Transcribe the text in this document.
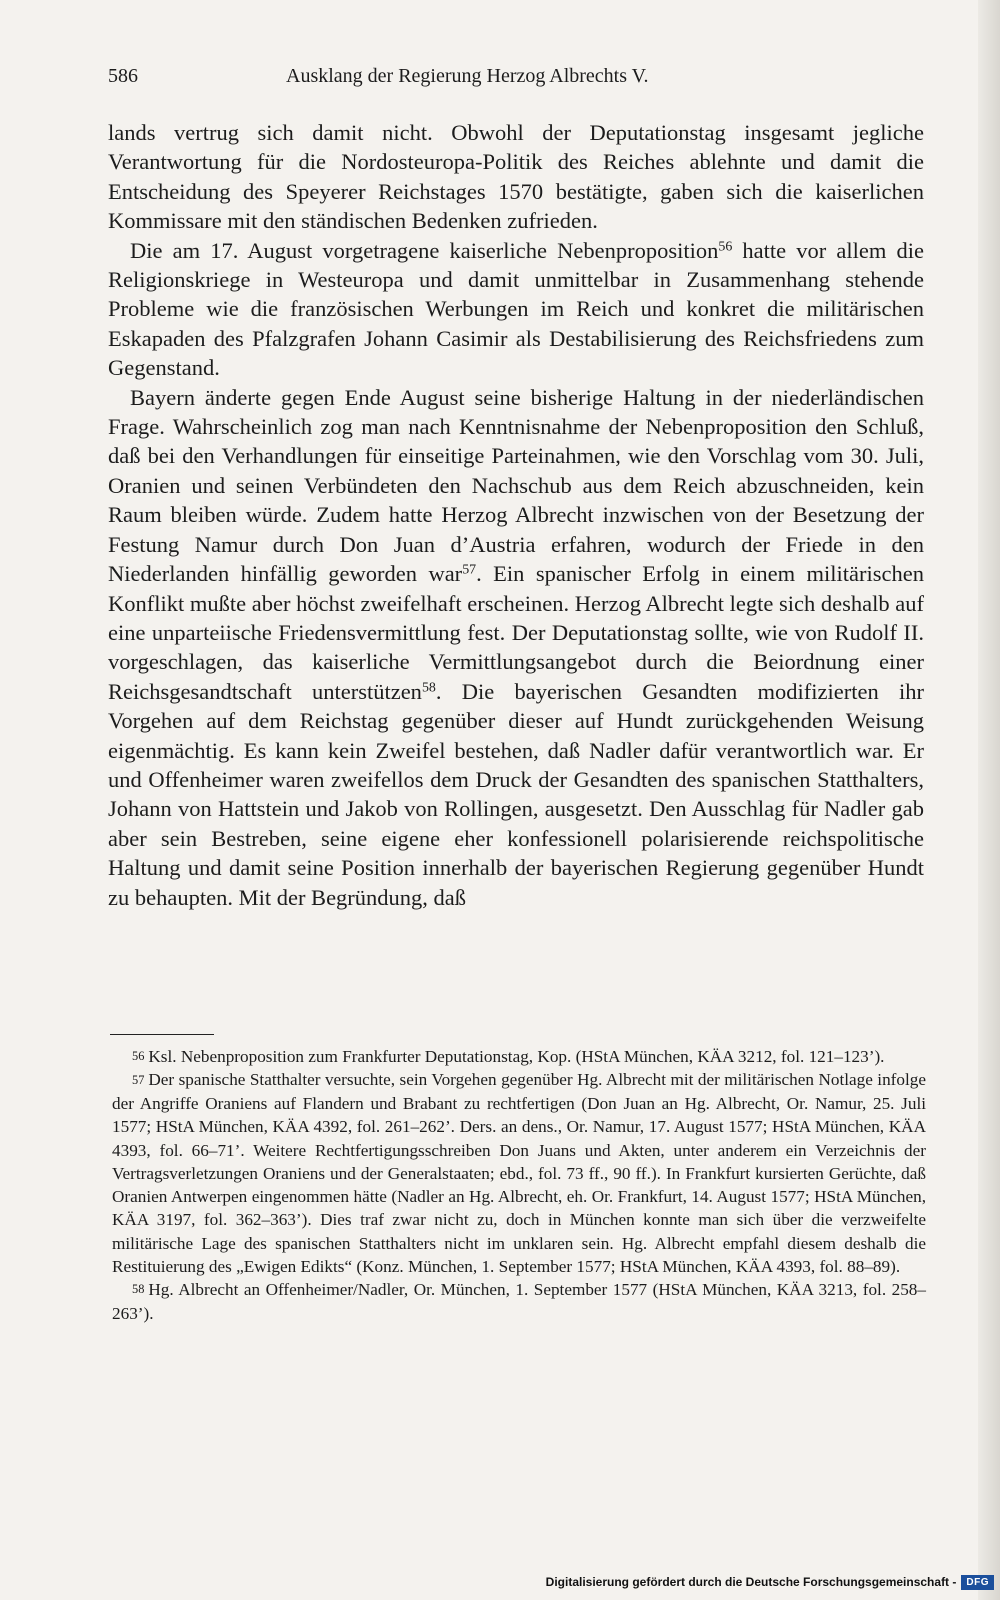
586	Ausklang der Regierung Herzog Albrechts V.

lands vertrug sich damit nicht. Obwohl der Deputationstag insgesamt jegliche Verantwortung für die Nordosteuropa-Politik des Reiches ablehnte und damit die Entscheidung des Speyerer Reichstages 1570 bestätigte, gaben sich die kaiserlichen Kommissare mit den ständischen Bedenken zufrieden.

Die am 17. August vorgetragene kaiserliche Nebenproposition$^{56}$ hatte vor allem die Religionskriege in Westeuropa und damit unmittelbar in Zusammenhang stehende Probleme wie die französischen Werbungen im Reich und konkret die militärischen Eskapaden des Pfalzgrafen Johann Casimir als Destabilisierung des Reichsfriedens zum Gegenstand.

Bayern änderte gegen Ende August seine bisherige Haltung in der niederländischen Frage. Wahrscheinlich zog man nach Kenntnisnahme der Nebenproposition den Schluß, daß bei den Verhandlungen für einseitige Parteinahmen, wie den Vorschlag vom 30. Juli, Oranien und seinen Verbündeten den Nachschub aus dem Reich abzuschneiden, kein Raum bleiben würde. Zudem hatte Herzog Albrecht inzwischen von der Besetzung der Festung Namur durch Don Juan d’Austria erfahren, wodurch der Friede in den Niederlanden hinfällig geworden war$^{57}$. Ein spanischer Erfolg in einem militärischen Konflikt mußte aber höchst zweifelhaft erscheinen. Herzog Albrecht legte sich deshalb auf eine unparteiische Friedensvermittlung fest. Der Deputationstag sollte, wie von Rudolf II. vorgeschlagen, das kaiserliche Vermittlungsangebot durch die Beiordnung einer Reichsgesandtschaft unterstützen$^{58}$. Die bayerischen Gesandten modifizierten ihr Vorgehen auf dem Reichstag gegenüber dieser auf Hundt zurückgehenden Weisung eigenmächtig. Es kann kein Zweifel bestehen, daß Nadler dafür verantwortlich war. Er und Offenheimer waren zweifellos dem Druck der Gesandten des spanischen Statthalters, Johann von Hattstein und Jakob von Rollingen, ausgesetzt. Den Ausschlag für Nadler gab aber sein Bestreben, seine eigene eher konfessionell polarisierende reichspolitische Haltung und damit seine Position innerhalb der bayerischen Regierung gegenüber Hundt zu behaupten. Mit der Begründung, daß

56 Ksl. Nebenproposition zum Frankfurter Deputationstag, Kop. (HStA München, KÄA 3212, fol. 121–123’).

57 Der spanische Statthalter versuchte, sein Vorgehen gegenüber Hg. Albrecht mit der militärischen Notlage infolge der Angriffe Oraniens auf Flandern und Brabant zu rechtfertigen (Don Juan an Hg. Albrecht, Or. Namur, 25. Juli 1577; HStA München, KÄA 4392, fol. 261–262’. Ders. an dens., Or. Namur, 17. August 1577; HStA München, KÄA 4393, fol. 66–71’. Weitere Rechtfertigungsschreiben Don Juans und Akten, unter anderem ein Verzeichnis der Vertragsverletzungen Oraniens und der Generalstaaten; ebd., fol. 73 ff., 90 ff.). In Frankfurt kursierten Gerüchte, daß Oranien Antwerpen eingenommen hätte (Nadler an Hg. Albrecht, eh. Or. Frankfurt, 14. August 1577; HStA München, KÄA 3197, fol. 362–363’). Dies traf zwar nicht zu, doch in München konnte man sich über die verzweifelte militärische Lage des spanischen Statthalters nicht im unklaren sein. Hg. Albrecht empfahl diesem deshalb die Restituierung des „Ewigen Edikts“ (Konz. München, 1. September 1577; HStA München, KÄA 4393, fol. 88–89).

58 Hg. Albrecht an Offenheimer/Nadler, Or. München, 1. September 1577 (HStA München, KÄA 3213, fol. 258–263’).

Digitalisierung gefördert durch die Deutsche Forschungsgemeinschaft -	DFG
